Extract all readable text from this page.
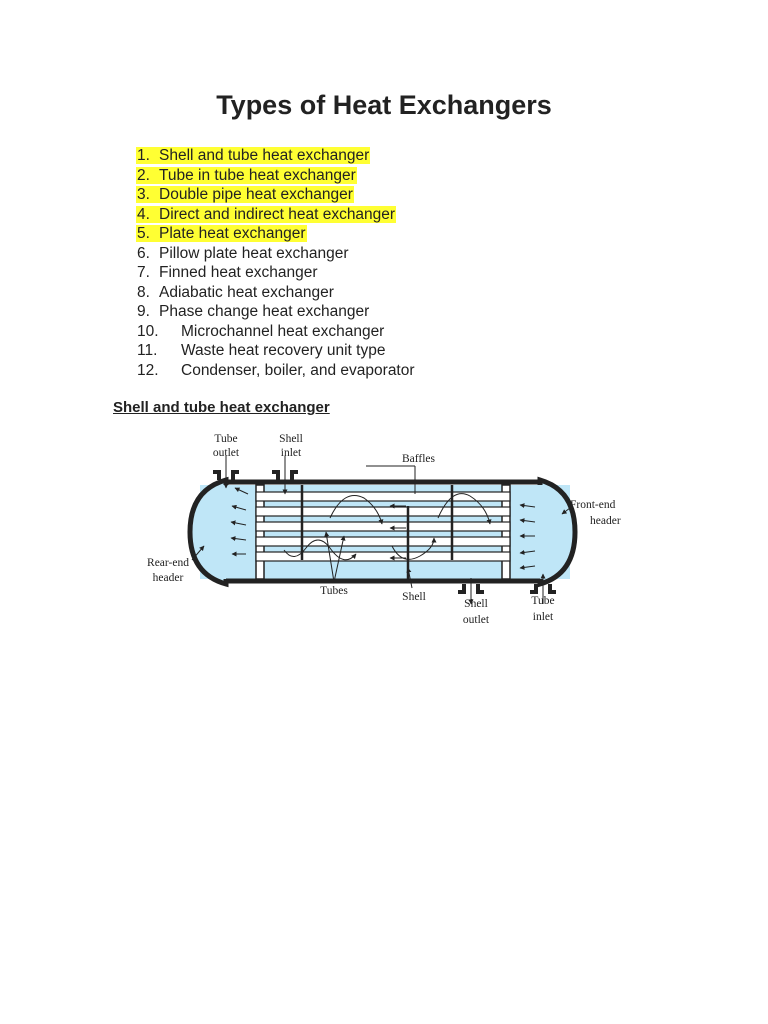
Types of Heat Exchangers
1. Shell and tube heat exchanger
2. Tube in tube heat exchanger
3. Double pipe heat exchanger
4. Direct and indirect heat exchanger
5. Plate heat exchanger
6. Pillow plate heat exchanger
7. Finned heat exchanger
8. Adiabatic heat exchanger
9. Phase change heat exchanger
10. Microchannel heat exchanger
11. Waste heat recovery unit type
12. Condenser, boiler, and evaporator
Shell and tube heat exchanger
Tube
outlet
Shell
inlet	Baffles
Front-end
header
Rear-end
header
Tubes	Shell
Shell
outlet
Tube
inlet
